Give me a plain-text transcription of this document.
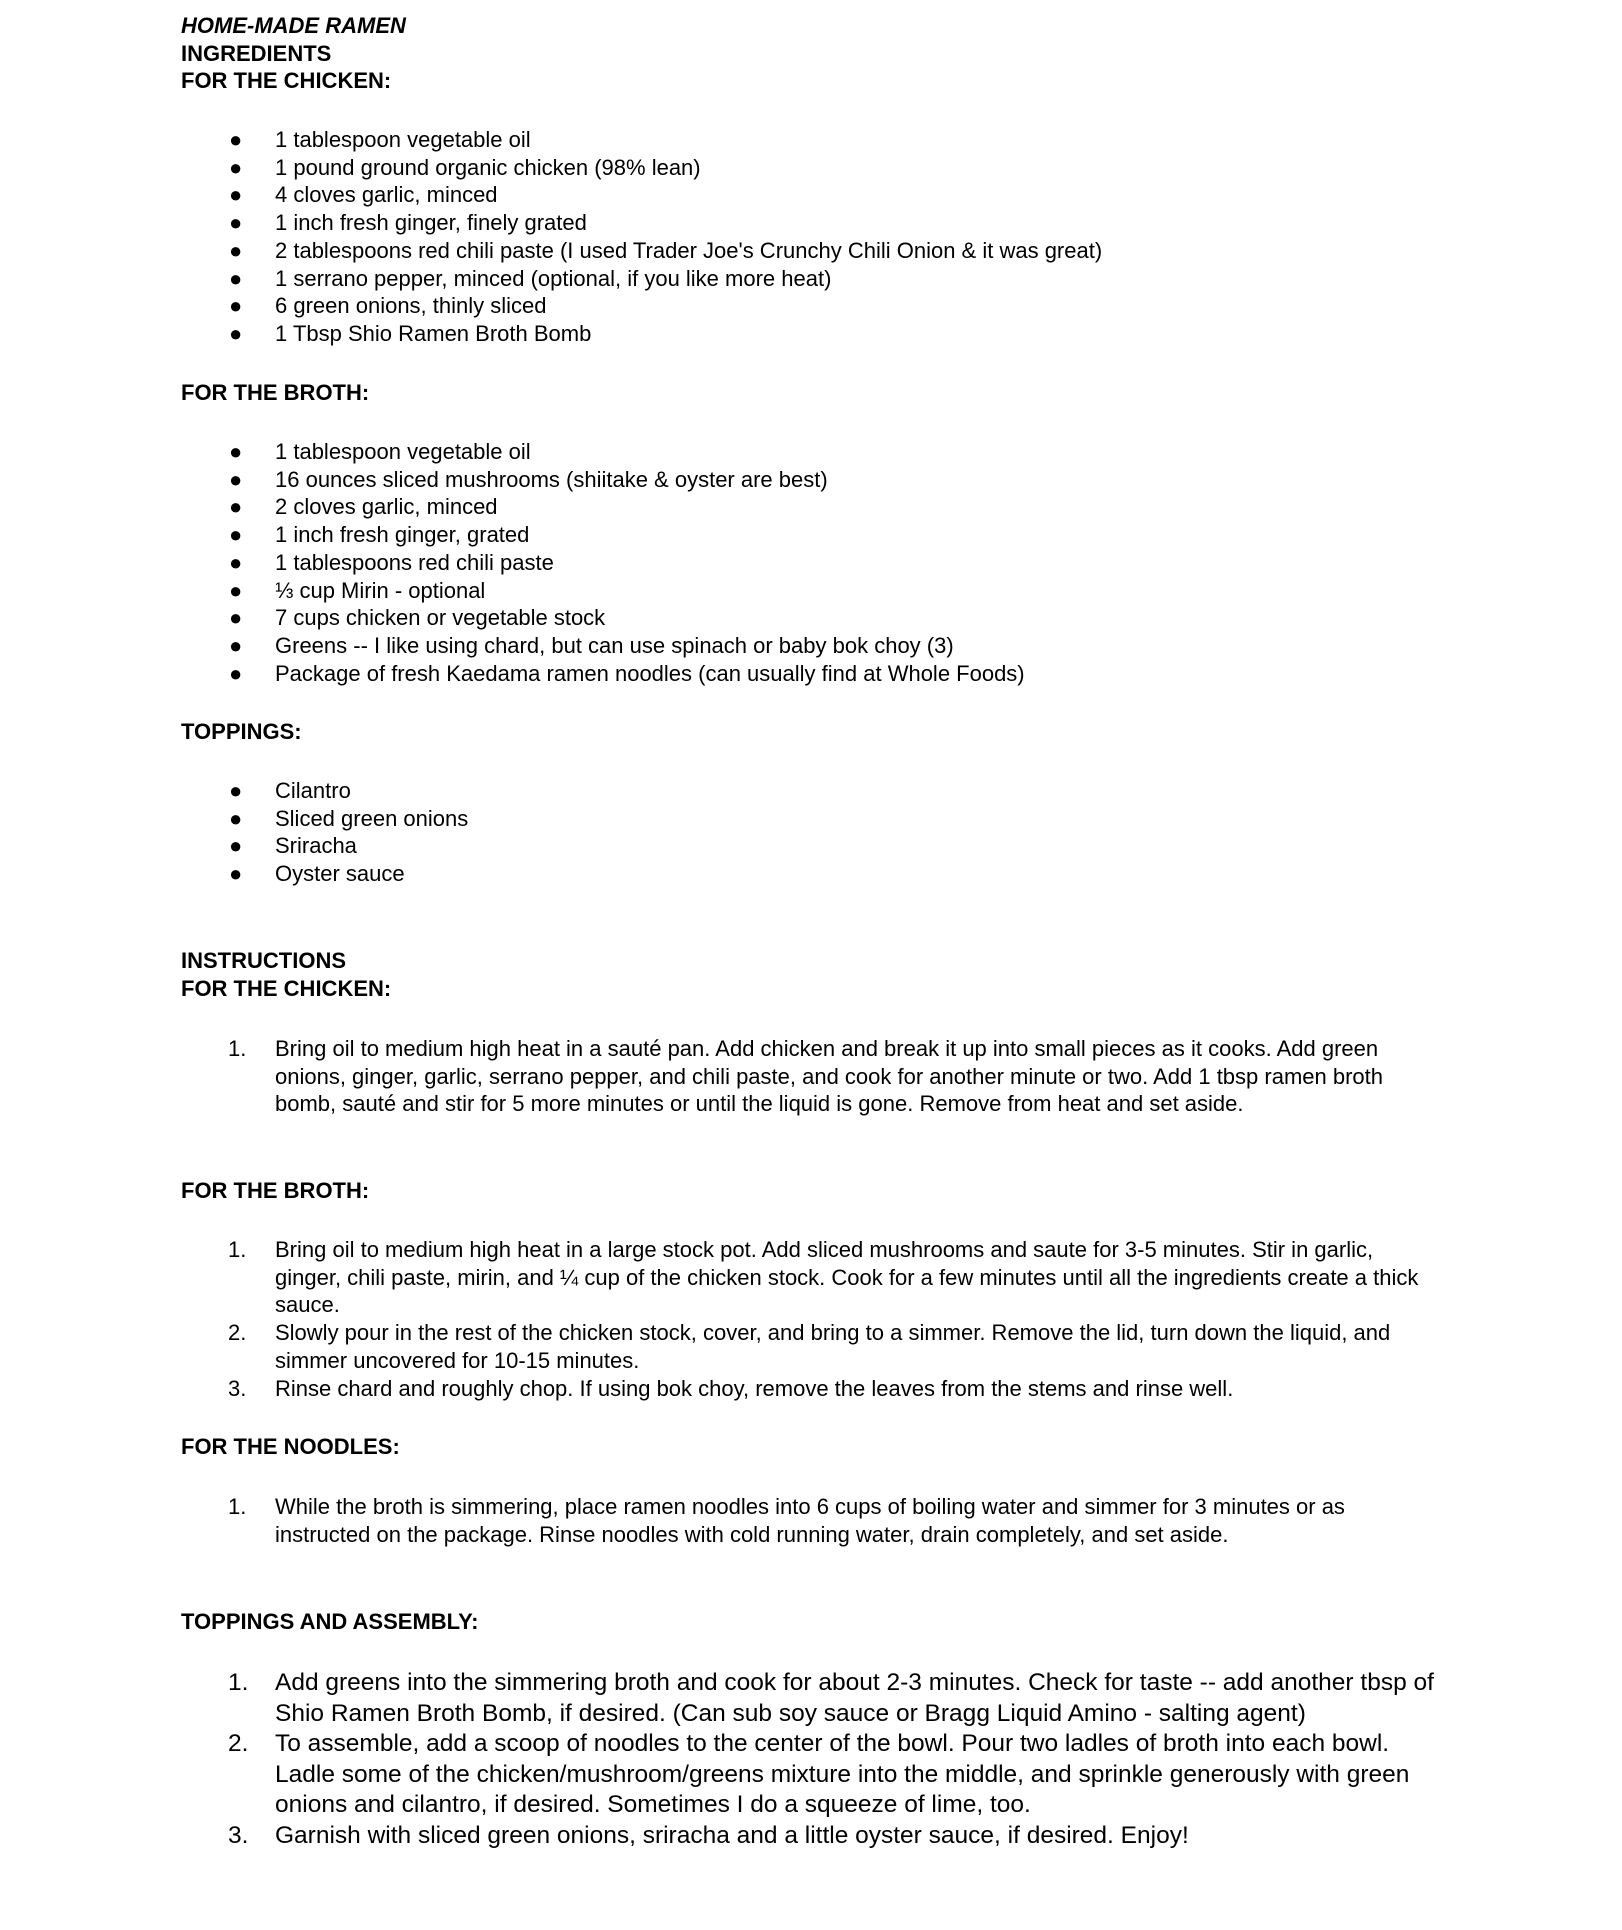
HOME-MADE RAMEN
INGREDIENTS
FOR THE CHICKEN:
● 1 tablespoon vegetable oil
● 1 pound ground organic chicken (98% lean)
● 4 cloves garlic, minced
● 1 inch fresh ginger, finely grated
● 2 tablespoons red chili paste (I used Trader Joe's Crunchy Chili Onion & it was great)
● 1 serrano pepper, minced (optional, if you like more heat)
● 6 green onions, thinly sliced
● 1 Tbsp Shio Ramen Broth Bomb
FOR THE BROTH:
● 1 tablespoon vegetable oil
● 16 ounces sliced mushrooms (shiitake & oyster are best)
● 2 cloves garlic, minced
● 1 inch fresh ginger, grated
● 1 tablespoons red chili paste
● ⅓ cup Mirin - optional
● 7 cups chicken or vegetable stock
● Greens -- I like using chard, but can use spinach or baby bok choy (3)
● Package of fresh Kaedama ramen noodles (can usually find at Whole Foods)
TOPPINGS:
● Cilantro
● Sliced green onions
● Sriracha
● Oyster sauce
INSTRUCTIONS
FOR THE CHICKEN:
1. Bring oil to medium high heat in a sauté pan. Add chicken and break it up into small pieces as it cooks. Add green onions, ginger, garlic, serrano pepper, and chili paste, and cook for another minute or two. Add 1 tbsp ramen broth bomb, sauté and stir for 5 more minutes or until the liquid is gone. Remove from heat and set aside.
FOR THE BROTH:
1. Bring oil to medium high heat in a large stock pot. Add sliced mushrooms and saute for 3-5 minutes. Stir in garlic, ginger, chili paste, mirin, and ¼ cup of the chicken stock. Cook for a few minutes until all the ingredients create a thick sauce.
2. Slowly pour in the rest of the chicken stock, cover, and bring to a simmer. Remove the lid, turn down the liquid, and simmer uncovered for 10-15 minutes.
3. Rinse chard and roughly chop. If using bok choy, remove the leaves from the stems and rinse well.
FOR THE NOODLES:
1. While the broth is simmering, place ramen noodles into 6 cups of boiling water and simmer for 3 minutes or as instructed on the package. Rinse noodles with cold running water, drain completely, and set aside.
TOPPINGS AND ASSEMBLY:
1. Add greens into the simmering broth and cook for about 2-3 minutes. Check for taste -- add another tbsp of Shio Ramen Broth Bomb, if desired. (Can sub soy sauce or Bragg Liquid Amino - salting agent)
2. To assemble, add a scoop of noodles to the center of the bowl. Pour two ladles of broth into each bowl. Ladle some of the chicken/mushroom/greens mixture into the middle, and sprinkle generously with green onions and cilantro, if desired. Sometimes I do a squeeze of lime, too.
3. Garnish with sliced green onions, sriracha and a little oyster sauce, if desired. Enjoy!
